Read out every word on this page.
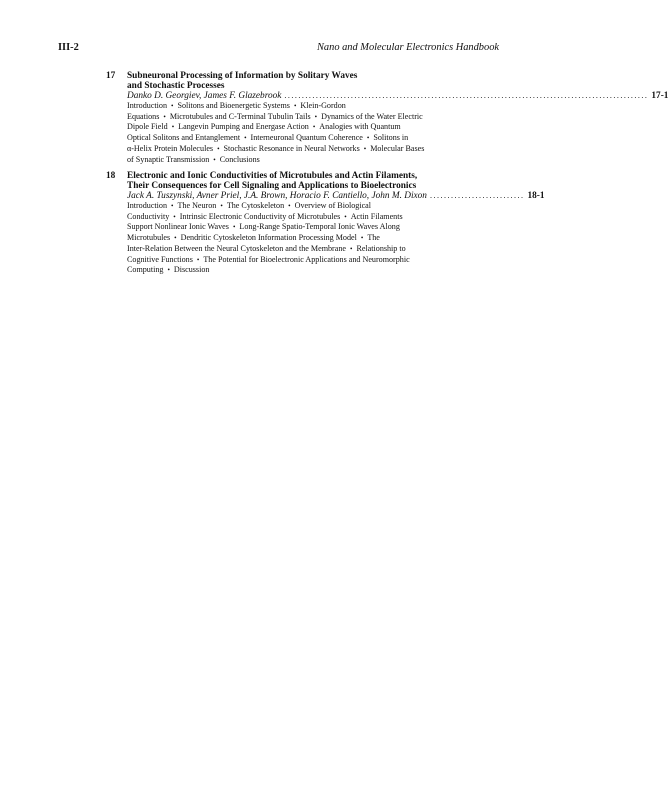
III-2	Nano and Molecular Electronics Handbook
17	Subneuronal Processing of Information by Solitary Waves
and Stochastic Processes
Danko D. Georgiev, James F. Glazebrook ........................................................................................................ 17-1
Introduction • Solitons and Bioenergetic Systems • Klein-Gordon
Equations • Microtubules and C-Terminal Tubulin Tails • Dynamics of the Water Electric
Dipole Field • Langevin Pumping and Energase Action • Analogies with Quantum
Optical Solitons and Entanglement • Interneuronal Quantum Coherence • Solitons in
α-Helix Protein Molecules • Stochastic Resonance in Neural Networks • Molecular Bases
of Synaptic Transmission • Conclusions
18	Electronic and Ionic Conductivities of Microtubules and Actin Filaments,
Their Consequences for Cell Signaling and Applications to Bioelectronics
Jack A. Tuszynski, Avner Priel, J.A. Brown, Horacio F. Cantiello, John M. Dixon ........................... 18-1
Introduction • The Neuron • The Cytoskeleton • Overview of Biological
Conductivity • Intrinsic Electronic Conductivity of Microtubules • Actin Filaments
Support Nonlinear Ionic Waves • Long-Range Spatio-Temporal Ionic Waves Along
Microtubules • Dendritic Cytoskeleton Information Processing Model • The
Inter-Relation Between the Neural Cytoskeleton and the Membrane • Relationship to
Cognitive Functions • The Potential for Bioelectronic Applications and Neuromorphic
Computing • Discussion
